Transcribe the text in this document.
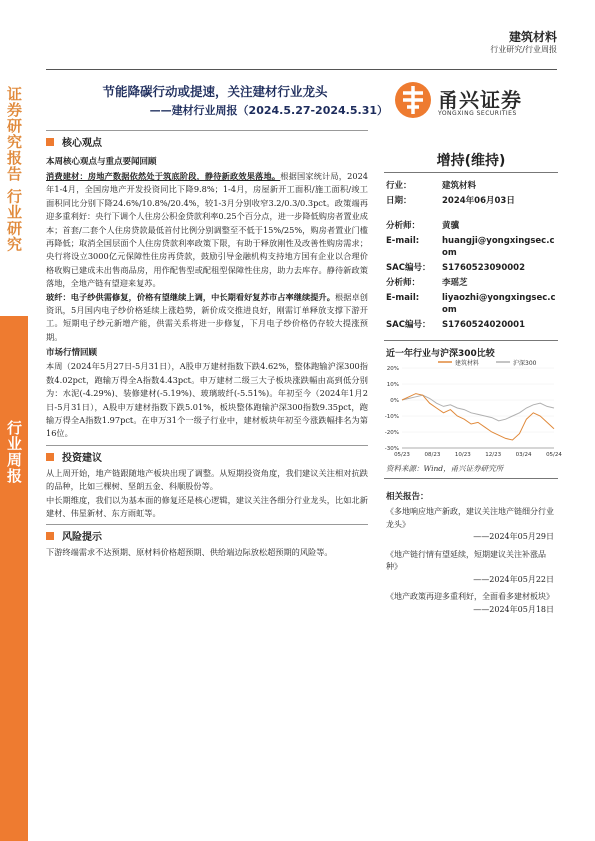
证券研究报告 行业研究
行业周报
建筑材料
行业研究/行业周报
节能降碳行动或提速，关注建材行业龙头
——建材行业周报（2024.5.27-2024.5.31）	甬兴证券
YONGXING SECURITIES
核心观点
本周核心观点与重点要闻回顾
消费建材：房地产数据依然处于筑底阶段，静待新政效果落地。根据国家统计局，2024年1-4月，全国房地产开发投资同比下降9.8%；1-4月，房屋新开工面积/施工面积/竣工面积同比分别下降24.6%/10.8%/20.4%，较1-3月分别收窄3.2/0.3/0.3pct。政策端再迎多重利好：央行下调个人住房公积金贷款利率0.25个百分点，进一步降低购房者置业成本；首套/二套个人住房贷款最低首付比例分别调整至不低于15%/25%，购房者置业门槛再降低；取消全国层面个人住房贷款利率政策下限，有助于释放刚性及改善性购房需求；央行将设立3000亿元保障性住房再贷款，鼓励引导金融机构支持地方国有企业以合理价格收购已建成未出售商品房，用作配售型或配租型保障性住房，助力去库存。静待新政策落地，全地产链有望迎来复苏。
玻纤：电子纱供需修复，价格有望继续上调，中长期看好复苏市占率继续提升。根据卓创资讯，5月国内电子纱价格延续上涨趋势，新价成交推进良好，刚需订单释放支撑下游开工。短期电子纱元新增产能，供需关系将进一步修复，下月电子纱价格仍存较大提涨预期。
市场行情回顾
本周（2024年5月27日-5月31日），A股申万建材指数下跌4.62%，整体跑输沪深300指数4.02pct，跑输万得全A指数4.43pct。申万建材二级三大子板块涨跌幅由高到低分别为：水泥(-4.29%)、装修建材(-5.19%)、玻璃玻纤(-5.51%)。年初至今（2024年1月2日-5月31日），A股申万建材指数下跌5.01%，板块整体跑输沪深300指数9.35pct，跑输万得全A指数1.97pct。在申万31个一级子行业中，建材板块年初至今涨跌幅排名为第16位。
投资建议
从上周开始，地产链跟随地产板块出现了调整。从短期投资角度，我们建议关注相对抗跌的品种，比如三棵树、坚朗五金、科顺股份等。
中长期维度，我们以为基本面的修复还是核心逻辑，建议关注各细分行业龙头，比如北新建材、伟星新材、东方雨虹等。
风险提示
下游终端需求不达预期、原材料价格超预期、供给端边际放松超预期的风险等。
增持(维持)
行业：	建筑材料
日期：	2024年06月03日
分析师：	黄骥
E-mail:	huangji@yongxingsec.com
SAC编号： S1760523090002
分析师：	李瑶芝
E-mail:	liyaozhi@yongxingsec.com
SAC编号： S1760524020001
近一年行业与沪深300比较
建筑材料	沪深300
20%
10%
0%
-10%
-20%
-30%
05/23	08/23	10/23	12/23	03/24	05/24
资料来源：Wind，甬兴证券研究所
相关报告：
《多地响应地产新政，建议关注地产链细分行业龙头》
——2024年05月29日
《地产链行情有望延续，短期建议关注补涨品种》
——2024年05月22日
《地产政策再迎多重利好，全面看多建材板块》
——2024年05月18日
